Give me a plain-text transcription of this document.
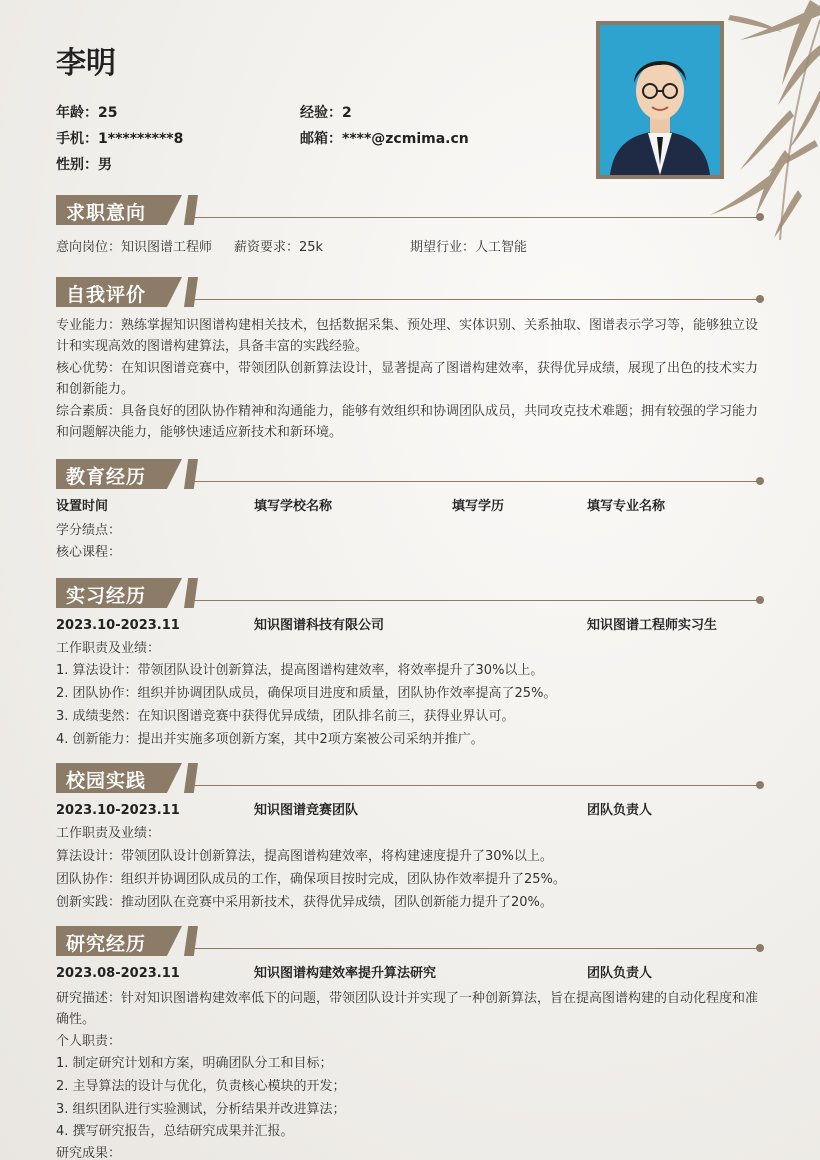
李明
年龄：25	经验：2
手机：1*********8	邮箱：****@zcmima.cn
性别：男
求职意向
意向岗位：知识图谱工程师 薪资要求：25k	期望行业：人工智能
自我评价
专业能力：熟练掌握知识图谱构建相关技术，包括数据采集、预处理、实体识别、关系抽取、图谱表示学习等，能够独立设计和实现高效的图谱构建算法，具备丰富的实践经验。
核心优势：在知识图谱竞赛中，带领团队创新算法设计，显著提高了图谱构建效率，获得优异成绩，展现了出色的技术实力和创新能力。
综合素质：具备良好的团队协作精神和沟通能力，能够有效组织和协调团队成员，共同攻克技术难题；拥有较强的学习能力和问题解决能力，能够快速适应新技术和新环境。
教育经历
设置时间	填写学校名称	填写学历	填写专业名称
学分绩点：
核心课程：
实习经历
2023.10-2023.11	知识图谱科技有限公司	知识图谱工程师实习生
工作职责及业绩：
1. 算法设计：带领团队设计创新算法，提高图谱构建效率，将效率提升了30%以上。
2. 团队协作：组织并协调团队成员，确保项目进度和质量，团队协作效率提高了25%。
3. 成绩斐然：在知识图谱竞赛中获得优异成绩，团队排名前三，获得业界认可。
4. 创新能力：提出并实施多项创新方案，其中2项方案被公司采纳并推广。
校园实践
2023.10-2023.11	知识图谱竞赛团队	团队负责人
工作职责及业绩：
算法设计：带领团队设计创新算法，提高图谱构建效率，将构建速度提升了30%以上。
团队协作：组织并协调团队成员的工作，确保项目按时完成，团队协作效率提升了25%。
创新实践：推动团队在竞赛中采用新技术，获得优异成绩，团队创新能力提升了20%。
研究经历
2023.08-2023.11	知识图谱构建效率提升算法研究	团队负责人
研究描述：针对知识图谱构建效率低下的问题，带领团队设计并实现了一种创新算法，旨在提高图谱构建的自动化程度和准确性。
个人职责：
1. 制定研究计划和方案，明确团队分工和目标；
2. 主导算法的设计与优化，负责核心模块的开发；
3. 组织团队进行实验测试，分析结果并改进算法；
4. 撰写研究报告，总结研究成果并汇报。
研究成果：
